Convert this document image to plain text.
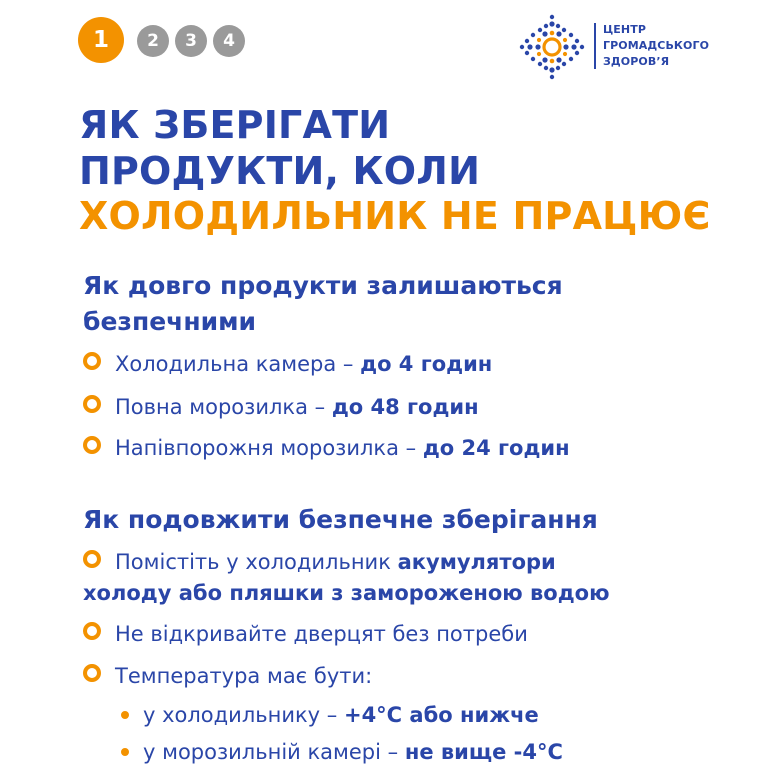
1	2	3	4
ЦЕНТР
ГРОМАДСЬКОГО
ЗДОРОВ’Я
ЯК ЗБЕРІГАТИ
ПРОДУКТИ, КОЛИ
ХОЛОДИЛЬНИК НЕ ПРАЦЮЄ
Як довго продукти залишаються
безпечними
Холодильна камера – до 4 годин
Повна морозилка – до 48 годин
Напівпорожня морозилка – до 24 годин
Як подовжити безпечне зберігання
Помістіть у холодильник акумулятори
холоду або пляшки з замороженою водою
Не відкривайте дверцят без потреби
Температура має бути:
у холодильнику – +4°C або нижче
у морозильній камері – не вище -4°C
